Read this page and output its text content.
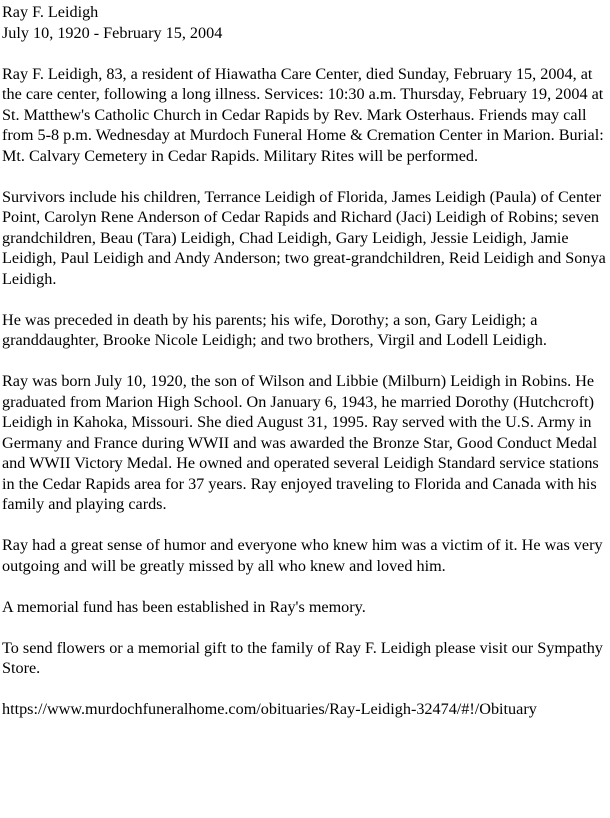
Ray F. Leidigh

July 10, 1920 - February 15, 2004

Ray F. Leidigh, 83, a resident of Hiawatha Care Center, died Sunday, February 15, 2004, at the care center, following a long illness. Services: 10:30 a.m. Thursday, February 19, 2004 at St. Matthew's Catholic Church in Cedar Rapids by Rev. Mark Osterhaus. Friends may call from 5-8 p.m. Wednesday at Murdoch Funeral Home & Cremation Center in Marion. Burial: Mt. Calvary Cemetery in Cedar Rapids. Military Rites will be performed.

Survivors include his children, Terrance Leidigh of Florida, James Leidigh (Paula) of Center Point, Carolyn Rene Anderson of Cedar Rapids and Richard (Jaci) Leidigh of Robins; seven grandchildren, Beau (Tara) Leidigh, Chad Leidigh, Gary Leidigh, Jessie Leidigh, Jamie Leidigh, Paul Leidigh and Andy Anderson; two great-grandchildren, Reid Leidigh and Sonya Leidigh.

He was preceded in death by his parents; his wife, Dorothy; a son, Gary Leidigh; a granddaughter, Brooke Nicole Leidigh; and two brothers, Virgil and Lodell Leidigh.

Ray was born July 10, 1920, the son of Wilson and Libbie (Milburn) Leidigh in Robins. He graduated from Marion High School. On January 6, 1943, he married Dorothy (Hutchcroft) Leidigh in Kahoka, Missouri. She died August 31, 1995. Ray served with the U.S. Army in Germany and France during WWII and was awarded the Bronze Star, Good Conduct Medal and WWII Victory Medal. He owned and operated several Leidigh Standard service stations in the Cedar Rapids area for 37 years. Ray enjoyed traveling to Florida and Canada with his family and playing cards.

Ray had a great sense of humor and everyone who knew him was a victim of it. He was very outgoing and will be greatly missed by all who knew and loved him.

A memorial fund has been established in Ray's memory.

To send flowers or a memorial gift to the family of Ray F. Leidigh please visit our Sympathy Store.

https://www.murdochfuneralhome.com/obituaries/Ray-Leidigh-32474/#!/Obituary
